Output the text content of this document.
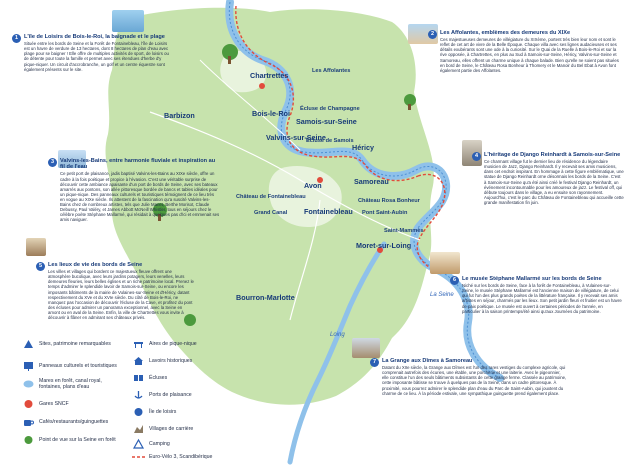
Chartrettes
Bois-le-Roi
Samois-sur-Seine
Héricy
Fontainebleau
Samoreau
Avon
Valvins-sur-Seine
Moret-sur-Loing
Bourron-Marlotte
Barbizon
Les Affolantes
Château de Fontainebleau
Grand Canal
Château Rosa Bonheur
Pont Saint-Aubin
Écluse de Samois
Écluse de Champagne
Saint-Mammès
La Seine
Loing
1	L'île de Loisirs de Bois-le-Roi, la baignade et le plage

Située entre les bords de Seine et la Forêt de Fontainebleau, l'île de Loisirs est un havre de verdure de 13 hectares, dont 8 hectares de plan d'eau avec plage pour se baigner ! Elle offre de multiples activités de sport, de loisirs ou de détente pour toute la famille et permet avec ses étendues d'herbe d'y pique-niquer. Un circuit d'accrobranche, un golf et un centre équestre sont également présents sur le site.

2	Les Affolantes, emblèmes des demeures du XIXe

Ces majestueuses demeures de villégiature du XIXème, portent très bien leur nom et sont le reflet de cet art de vivre de la Belle Époque. Chaque villa avec ses lignes audacieuses et ses détails exubérants sont une ode à la curiosité. Sur le Quai de la Ruelle à Bois-le-Roi et sur la rive opposée, à Chartrettes, en plus au Sud à Samois-sur-Seine, Héricy, Valvins-sur-Seine et Samoreau, elles offrent un charme unique à chaque balade. Bien qu'elle ne soient pas situées en bord de Seine, le Château Rosa Bonheur à Thomery et le Manoir du Bel Ebat à Avon font également partie des Affolantes.

3	Valvins-les-Bains, entre harmonie fluviale et inspiration au fil de l'eau

Ce petit port de plaisance, jadis baptisé Valvins-les-Bains au XIXe siècle, offre un cadre à la fois poétique et propice à l'évasion. C'est une véritable surprise de découvrir cette ambiance apaisante d'un port de bords de Seine, avec ses bateaux amarrés aux pontons, son allée pittoresque bordée de bancs et tables idéales pour un pique-nique. Des panneaux culturels et touristiques témoignent de ce lieu très en vogue au XIXe siècle. Ils attestent de la fascination qu'a suscité Valvins-les-Bains chez de nombreux artistes, tels que Julie Manet, Berthe Morisot, Claude Debussy, Paul Valéry, et James Abbott McNeill Whistler, tous en séjours chez le célèbre poète Stéphane Mallarmé, qui résidait à quelques pas d'ici et emmenait ses amis naviguer.

4	L'héritage de Django Reinhardt à Samois-sur-Seine

Ce charmant village fut le dernier lieu de résidence du légendaire musicien de Jazz, Django Reinhardt. Il y recevait ses amis musiciens, dans cet endroit inspirant. En hommage à cette figure emblématique, une statue de Django Reinhardt orne désormais les bords de la Seine. C'est à Samois-sur-Seine qu'a été ainsi créé le festival Django Reinhardt, un événement incontournable pour les amoureux de jazz. Le festival off, qui débute toujours dans le village, a eu ensuite son rayonnement. Aujourd'hui, c'est le parc du Château de Fontainebleau qui accueille cette grande manifestation fin juin.

5	Les lieux de vie des bords de Seine

Les villes et villages qui bordent ce majestueux fleuve offrent une atmosphère bucolique, avec leurs jardins potagers, leurs venelles, leurs demeures fleuries, leurs belles églises et un riche patrimoine local. Prenez le temps d'admirer le splendide lavoir de Samois-sur-Seine, ou encore les imposants bâtiments de la mairie de Vulaines-sur-Seine et d'Héricy, datant respectivement du XVe et du XVIe siècle. Du côté de Bois-le-Roi, ne manquez pas l'occasion de découvrir l'écluse de la Cave, et profitez du pont des écluses pour admirer un panorama exceptionnel, avec la Seine en amont ou en aval de la Seine. Enfin, la ville de Chartrettes vous invite à découvrir à flâner en admirant ses châteaux privés.

6	Le musée Stéphane Mallarmé sur les bords de Seine

Niché sur les bords de Seine, face à la forêt de Fontainebleau, à Vulaines-sur-Seine, le musée Stéphane Mallarmé est l'ancienne maison de villégiature, de celui qui fut l'un des plus grands poètes de la littérature française. Il y recevait ses amis artistes en séjour, charmés par les lieux. Son petit jardin fleuri et fruitier est un havre de paix poétique. Le musée est ouvert à certaines périodes de l'année, en particulier à la saison printemps/été ainsi qu'aux Journées du patrimoine.

7	La Grange aux Dîmes à Samoreau

Datant du XIIe siècle, la Grange aux Dîmes est l'un des rares vestiges du complexe agricole, qui comprenait autrefois des écuries, une étable, une porcherie et une laiterie. Avec le pigeonnier, elle constitue l'un des seuls bâtiments subsistants de cette grange ferme. Classée au patrimoine, cette imposante bâtisse se trouve à quelques pas de la Seine, dans un cadre pittoresque. À proximité, vous pourrez admirer le splendide plan d'eau du Parc de Saint-Aubin, qui jouxtent du charme de ce lieu. À la période estivale, une sympathique guinguette prend également place.

Sites, patrimoine remarquables
Panneaux culturels et touristiques
Mares en forêt, canal royal, fontaines, plans d'eau
Gares SNCF
Cafés/restaurants/guinguettes
Point de vue sur la Seine en forêt
Aires de pique-nique
Lavoirs historiques
Écluses
Ports de plaisance
Île de loisirs
Villages de carrière
Camping
Euro-Vélo 3, Scandibérique
